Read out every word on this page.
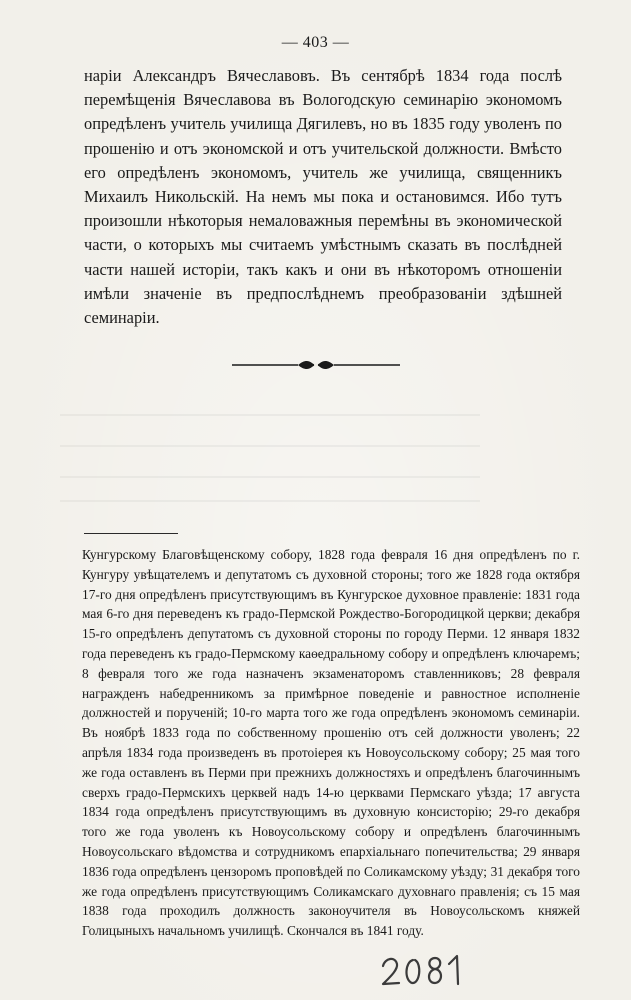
— 403 —

нарiи Александръ Вячеславовъ. Въ сентябрѣ 1834 года послѣ перемѣщенiя Вячеславова въ Вологодскую семинарiю экономомъ опредѣленъ учитель училища Дягилевъ, но въ 1835 году уволенъ по прошенiю и отъ экономской и отъ учительской должности. Вмѣсто его опредѣленъ экономомъ, учитель же училища, священникъ Михаилъ Никольскiй. На немъ мы пока и остановимся. Ибо тутъ произошли нѣкоторыя немаловажныя перемѣны въ экономической части, о которыхъ мы считаемъ умѣстнымъ сказать въ послѣдней части нашей исторiи, такъ какъ и они въ нѣкоторомъ отношенiи имѣли значенiе въ предпослѣднемъ преобразованiи здѣшней семинарiи.

Кунгурскому Благовѣщенскому собору, 1828 года февраля 16 дня опредѣленъ по г. Кунгуру увѣщателемъ и депутатомъ съ духовной стороны; того же 1828 года октября 17-го дня опредѣленъ присутствующимъ въ Кунгурское духовное правленiе: 1831 года мая 6-го дня переведенъ къ градо-Пермской Рождество-Богородицкой церкви; декабря 15-го опредѣленъ депутатомъ съ духовной стороны по городу Перми. 12 января 1832 года переведенъ къ градо-Пермскому каѳедральному собору и опредѣленъ ключаремъ; 8 февраля того же года назначенъ экзаменаторомъ ставленниковъ; 28 февраля награжденъ набедренникомъ за примѣрное поведенiе и равностное исполненiе должностей и порученiй; 10-го марта того же года опредѣленъ экономомъ семинарiи. Въ ноябрѣ 1833 года по собственному прошенiю отъ сей должности уволенъ; 22 апрѣля 1834 года произведенъ въ протоiерея къ Новоусольскому собору; 25 мая того же года оставленъ въ Перми при прежнихъ должностяхъ и опредѣленъ благочиннымъ сверхъ градо-Пермскихъ церквей надъ 14-ю церквами Пермскаго уѣзда; 17 августа 1834 года опредѣленъ присутствующимъ въ духовную консисторiю; 29-го декабря того же года уволенъ къ Новоусольскому собору и опредѣленъ благочиннымъ Новоусольскаго вѣдомства и сотрудникомъ епархiальнаго попечительства; 29 января 1836 года опредѣленъ цензоромъ проповѣдей по Соликамскому уѣзду; 31 декабря того же года опредѣленъ присутствующимъ Соликамскаго духовнаго правленiя; съ 15 мая 1838 года проходилъ должность законоучителя въ Новоусольскомъ княжей Голицыныхъ начальномъ училищѣ. Скончался въ 1841 году.
